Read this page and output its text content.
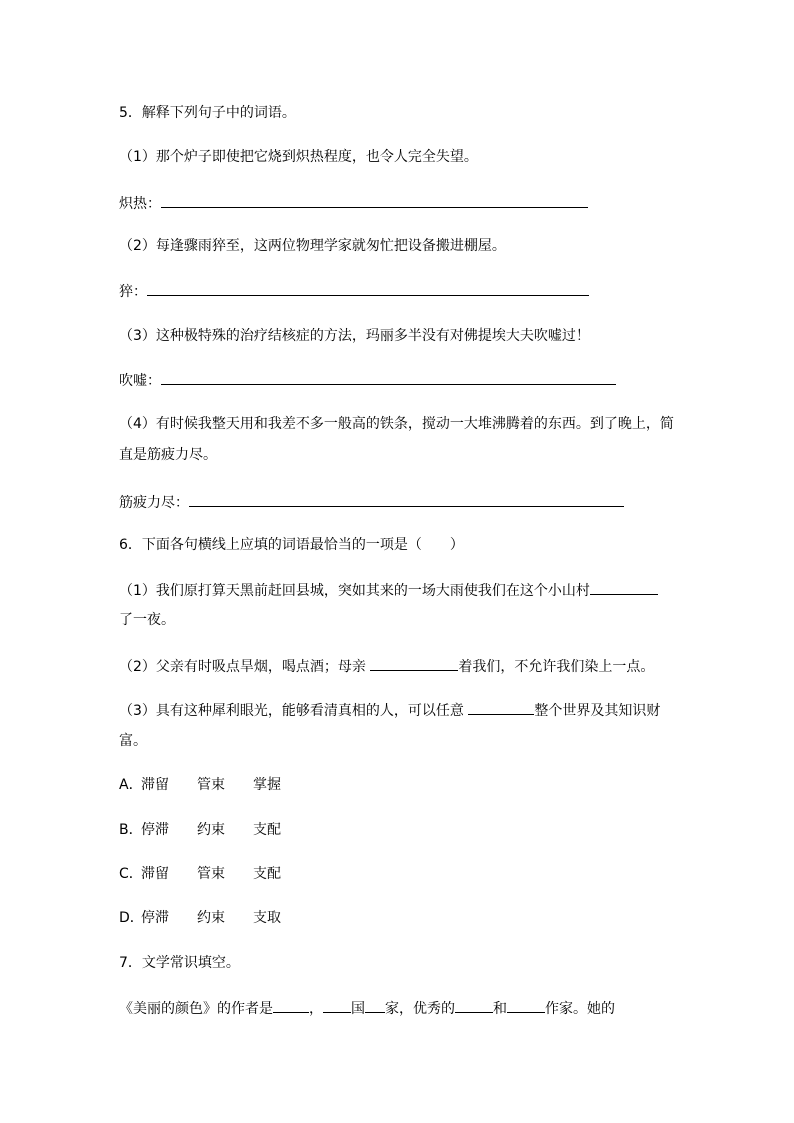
5．解释下列句子中的词语。
（1）那个炉子即使把它烧到炽热程度，也令人完全失望。
炽热：
（2）每逢骤雨猝至，这两位物理学家就匆忙把设备搬进棚屋。
猝：
（3）这种极特殊的治疗结核症的方法，玛丽多半没有对佛提埃大夫吹嘘过！
吹嘘：
（4）有时候我整天用和我差不多一般高的铁条，搅动一大堆沸腾着的东西。到了晚上，简
直是筋疲力尽。
筋疲力尽：
6．下面各句横线上应填的词语最恰当的一项是（　　）
（1）我们原打算天黑前赶回县城，突如其来的一场大雨使我们在这个小山村
了一夜。
（2）父亲有时吸点旱烟，喝点酒；母亲	着我们，不允许我们染上一点。
（3）具有这种犀利眼光，能够看清真相的人，可以任意	整个世界及其知识财
富。
A．滞留 管束 掌握
B．停滞 约束 支配
C．滞留 管束 支配
D．停滞 约束 支取
7．文学常识填空。
《美丽的颜色》的作者是	， 国 家，优秀的	和	作家。她的
